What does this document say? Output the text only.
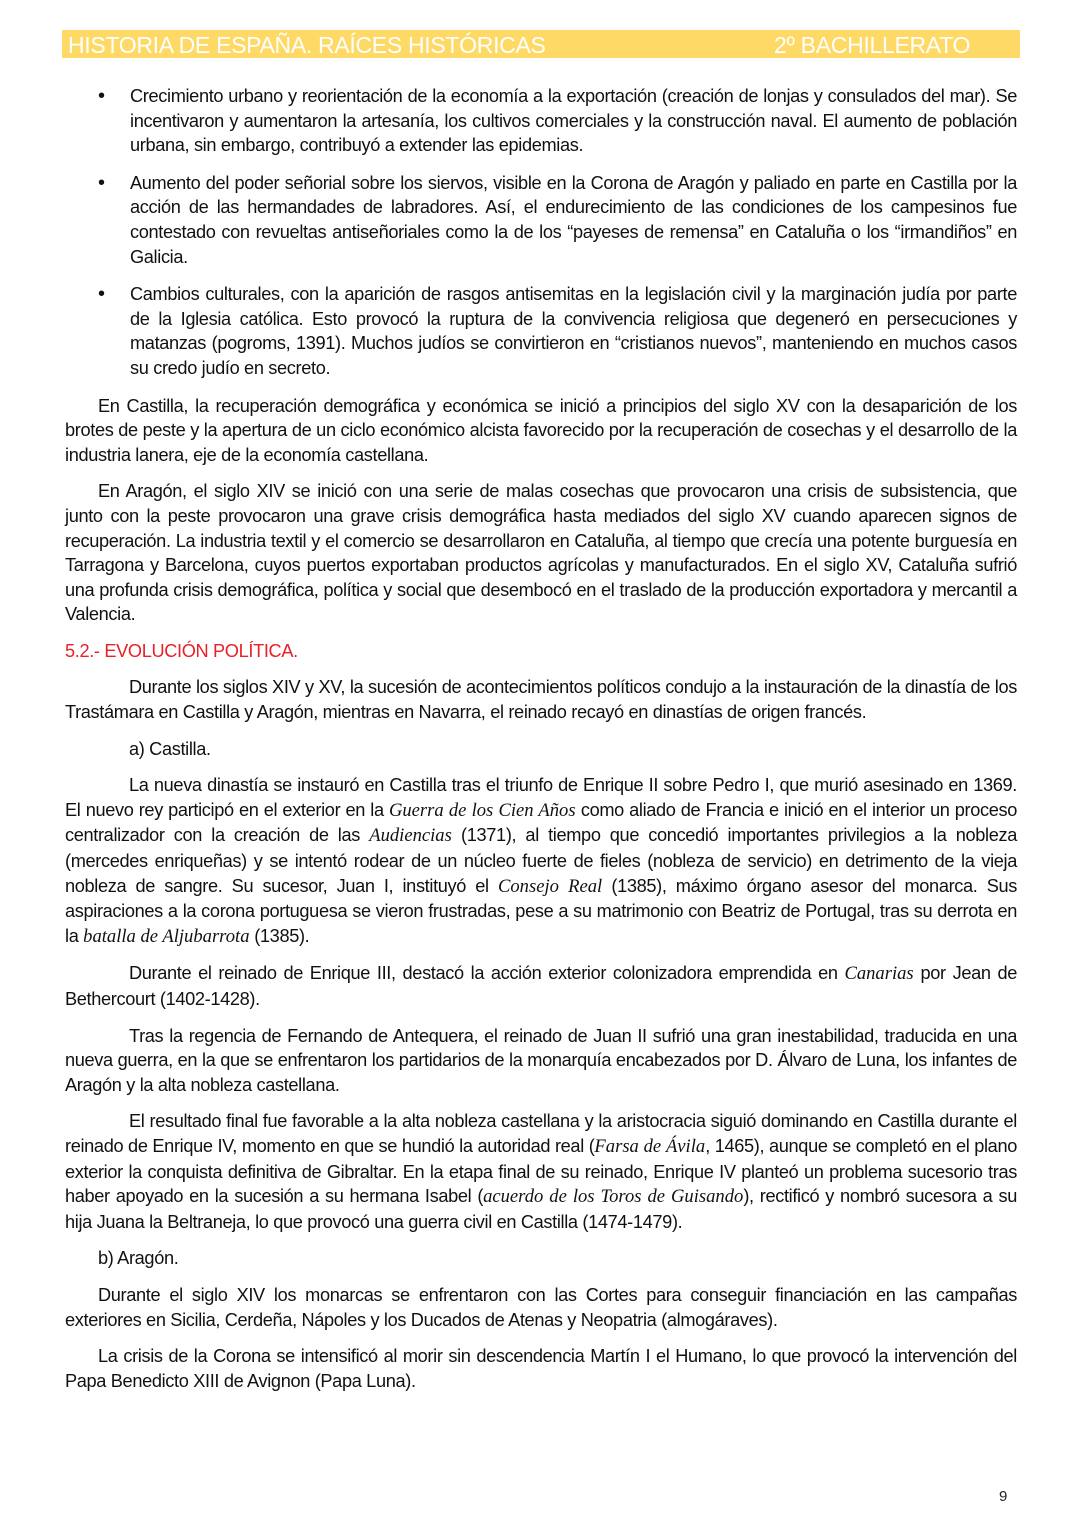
HISTORIA DE ESPAÑA. RAÍCES HISTÓRICAS	2º BACHILLERATO
• Crecimiento urbano y reorientación de la economía a la exportación (creación de lonjas y consulados del mar). Se incentivaron y aumentaron la artesanía, los cultivos comerciales y la construcción naval. El aumento de población urbana, sin embargo, contribuyó a extender las epidemias.
• Aumento del poder señorial sobre los siervos, visible en la Corona de Aragón y paliado en parte en Castilla por la acción de las hermandades de labradores. Así, el endurecimiento de las condiciones de los campesinos fue contestado con revueltas antiseñoriales como la de los “payeses de remensa” en Cataluña o los “irmandiños” en Galicia.
• Cambios culturales, con la aparición de rasgos antisemitas en la legislación civil y la marginación judía por parte de la Iglesia católica. Esto provocó la ruptura de la convivencia religiosa que degeneró en persecuciones y matanzas (pogroms, 1391). Muchos judíos se convirtieron en “cristianos nuevos”, manteniendo en muchos casos su credo judío en secreto.

En Castilla, la recuperación demográfica y económica se inició a principios del siglo XV con la desaparición de los brotes de peste y la apertura de un ciclo económico alcista favorecido por la recuperación de cosechas y el desarrollo de la industria lanera, eje de la economía castellana.

En Aragón, el siglo XIV se inició con una serie de malas cosechas que provocaron una crisis de subsistencia, que junto con la peste provocaron una grave crisis demográfica hasta mediados del siglo XV cuando aparecen signos de recuperación. La industria textil y el comercio se desarrollaron en Cataluña, al tiempo que crecía una potente burguesía en Tarragona y Barcelona, cuyos puertos exportaban productos agrícolas y manufacturados. En el siglo XV, Cataluña sufrió una profunda crisis demográfica, política y social que desembocó en el traslado de la producción exportadora y mercantil a Valencia.

5.2.- EVOLUCIÓN POLÍTICA.

Durante los siglos XIV y XV, la sucesión de acontecimientos políticos condujo a la instauración de la dinastía de los Trastámara en Castilla y Aragón, mientras en Navarra, el reinado recayó en dinastías de origen francés.

a) Castilla.

La nueva dinastía se instauró en Castilla tras el triunfo de Enrique II sobre Pedro I, que murió asesinado en 1369. El nuevo rey participó en el exterior en la Guerra de los Cien Años como aliado de Francia e inició en el interior un proceso centralizador con la creación de las Audiencias (1371), al tiempo que concedió importantes privilegios a la nobleza (mercedes enriqueñas) y se intentó rodear de un núcleo fuerte de fieles (nobleza de servicio) en detrimento de la vieja nobleza de sangre. Su sucesor, Juan I, instituyó el Consejo Real (1385), máximo órgano asesor del monarca. Sus aspiraciones a la corona portuguesa se vieron frustradas, pese a su matrimonio con Beatriz de Portugal, tras su derrota en la batalla de Aljubarrota (1385).

Durante el reinado de Enrique III, destacó la acción exterior colonizadora emprendida en Canarias por Jean de Bethercourt (1402-1428).

Tras la regencia de Fernando de Antequera, el reinado de Juan II sufrió una gran inestabilidad, traducida en una nueva guerra, en la que se enfrentaron los partidarios de la monarquía encabezados por D. Álvaro de Luna, los infantes de Aragón y la alta nobleza castellana.

El resultado final fue favorable a la alta nobleza castellana y la aristocracia siguió dominando en Castilla durante el reinado de Enrique IV, momento en que se hundió la autoridad real (Farsa de Ávila, 1465), aunque se completó en el plano exterior la conquista definitiva de Gibraltar. En la etapa final de su reinado, Enrique IV planteó un problema sucesorio tras haber apoyado en la sucesión a su hermana Isabel (acuerdo de los Toros de Guisando), rectificó y nombró sucesora a su hija Juana la Beltraneja, lo que provocó una guerra civil en Castilla (1474-1479).

b) Aragón.

Durante el siglo XIV los monarcas se enfrentaron con las Cortes para conseguir financiación en las campañas exteriores en Sicilia, Cerdeña, Nápoles y los Ducados de Atenas y Neopatria (almogáraves).

La crisis de la Corona se intensificó al morir sin descendencia Martín I el Humano, lo que provocó la intervención del Papa Benedicto XIII de Avignon (Papa Luna).

9
